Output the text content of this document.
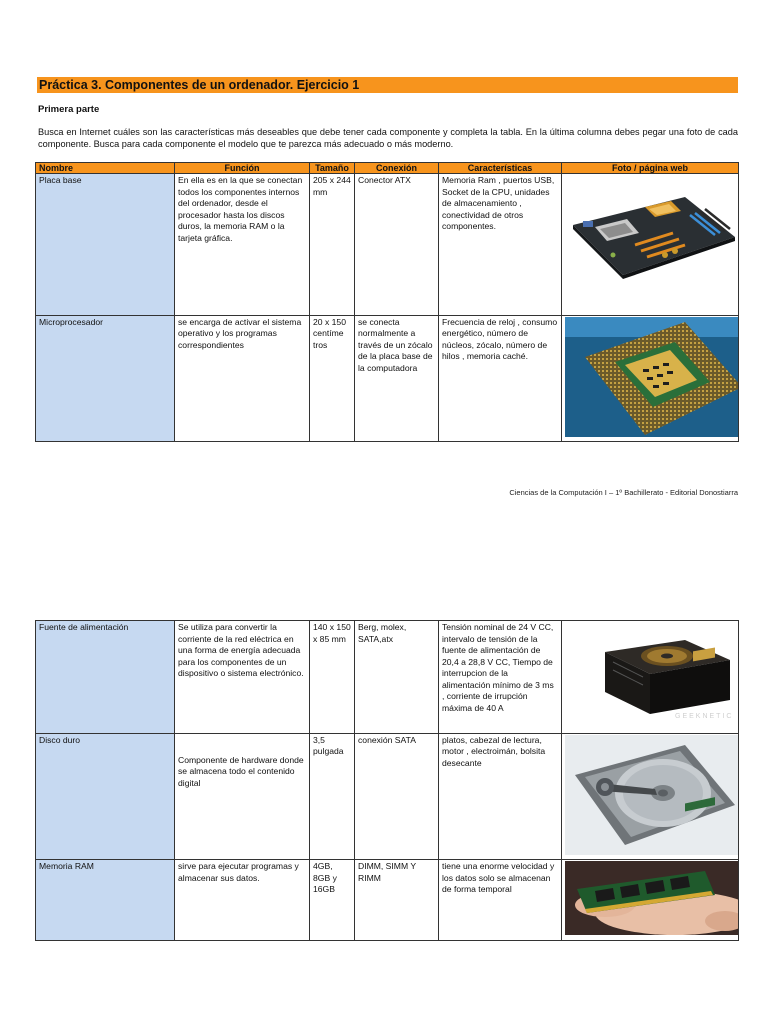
Práctica 3. Componentes de un ordenador. Ejercicio 1
Primera parte
Busca en Internet cuáles son las características más deseables que debe tener cada componente y completa la tabla. En la última columna debes pegar una foto de cada componente. Busca para cada componente el modelo que te parezca más adecuado o más moderno.
Nombre	Función	Tamaño	Conexión	Características	Foto / página web
Placa base	En ella es en la que se conectan todos los componentes internos del ordenador, desde el procesador hasta los discos duros, la memoria RAM o la tarjeta gráfica.	205 x 244 mm	Conector ATX	Memoria Ram , puertos USB, Socket de la CPU, unidades de almacenamiento , conectividad de otros componentes.	
Microprocesador	se encarga de activar el sistema operativo y los programas correspondientes	20 x 150 centíme tros	se conecta normalmente a través de un zócalo de la placa base de la computadora	Frecuencia de reloj , consumo energético, número de núcleos, zócalo, número de hilos , memoria caché.	
Ciencias de la Computación I – 1º Bachillerato - Editorial Donostiarra
Fuente de alimentación	Se utiliza para convertir la corriente de la red eléctrica en una forma de energía adecuada para los componentes de un dispositivo o sistema electrónico.	140 x 150 x 85 mm	Berg, molex, SATA,atx	Tensión nominal de 24 V CC, intervalo de tensión de la fuente de alimentación de 20,4 a 28,8 V CC, Tiempo de interrupcion de la alimentación mínimo de 3 ms , corriente de irrupción máxima de 40 A	GEEKNETIC

Disco duro	Componente de hardware donde se almacena todo el contenido digital	3,5 pulgada	conexión SATA	platos, cabezal de lectura, motor , electroimán, bolsita desecante	
Memoria RAM	sirve para ejecutar programas y almacenar sus datos.	4GB, 8GB y 16GB	DIMM, SIMM Y RIMM	tiene una enorme velocidad y los datos solo se almacenan de forma temporal	
